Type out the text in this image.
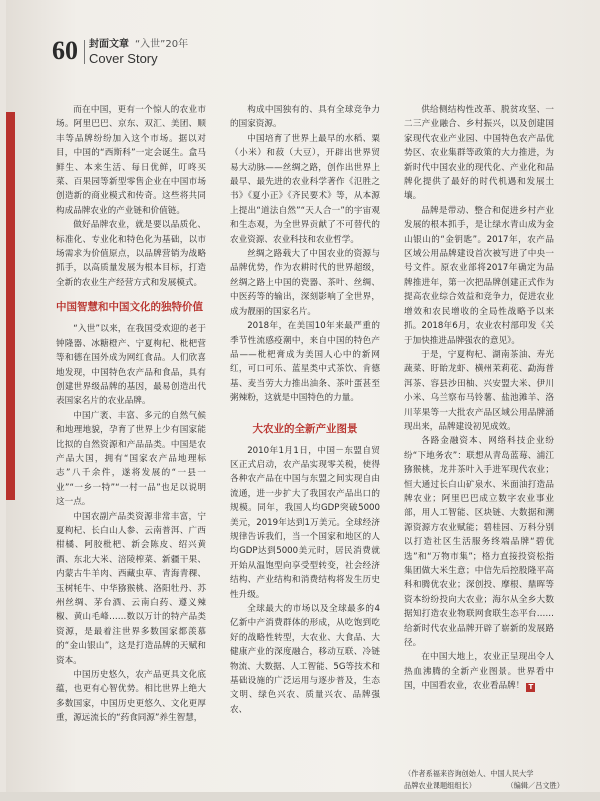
60 封面文章 “入世”20年
Cover Story

而在中国，更有一个惊人的农业市场。阿里巴巴、京东、双汇、美团、顺丰等品牌纷纷加入这个市场。据以对目，中国的“西斯科”一定会诞生。盒马鲜生、本来生活、每日优鲜，叮咚买菜、百果园等新型零售企业在中国市场创造新的商业模式和传奇。这些将共同构成品牌农业的产业链和价值链。

做好品牌农业，就是要以品质化、标准化、专业化和特色化为基础，以市场需求为价值原点，以品牌营销为战略抓手，以高质量发展为根本目标，打造全新的农业生产经营方式和发展模式。

中国智慧和中国文化的独特价值

“入世”以来，在我国受欢迎的老于钟隆器、冰糖橙产、宁夏枸杞、枇杷营等和德在国外成为网红食品。人们欣喜地发现，中国特色农产品和食品，具有创建世界级品牌的基因，最易创造出代表国家名片的农业品牌。

中国广袤、丰富、多元的自然气候和地理地貌，孕育了世界上少有国家能比拟的自然资源和产品品类。中国是农产品大国，拥有“国家农产品地理标志”八千余件，遂将发展的“一县一业”“一乡一特”“一村一品”也足以说明这一点。

中国农副产品类资源非常丰富，宁夏枸杞、长白山人参、云南普洱、广西柑橘、阿胶枇杷、新会陈皮、绍兴黄酒、东北大米、涪陵榨菜、新疆干果、内蒙古牛羊肉、西藏虫草、青海青稞、玉树牦牛、中华猕猴桃、洛阳牡丹、苏州丝绸、茅台酒、云南白药、遵义辣椒、黄山毛峰……数以万计的特产品类资源，是最着注世界多数国家都羡慕的“金山银山”，这是打造品牌的天赋和资本。

中国历史悠久，农产品更具文化底蕴，也更有心智优势。相比世界上绝大多数国家，中国历史更悠久、文化更厚重，源远流长的“药食同源”养生智慧，

构成中国独有的、具有全球竞争力的国家资源。

中国培育了世界上最早的水稻、粟（小米）和菽（大豆），开辟出世界贸易大动脉——丝绸之路，创作出世界上最早、最先进的农业科学著作《氾胜之书》《夏小正》《齐民要术》等，从本源上提出“道法自然”“天人合一”的宇宙观和生态观，为全世界贡献了不可替代的农业资源、农业科技和农业哲学。

丝绸之路载大了中国农业的资源与品牌优势，作为农耕时代的世界超级，丝绸之路上中国的瓷器、茶叶、丝绸、中医药等的输出，深刻影响了全世界，成为靓丽的国家名片。

2018年，在美国10年来最严重的季节性流感疫潮中，来自中国的特色产品——枇杷膏成为美国人心中的新网红，可口可乐、蓝星类中式茶饮、肯德基、麦当劳大力推出油条、茶叶蛋甚至粥辣粉，这就是中国特色的力量。

大农业的全新产业图景

2010年1月1日，中国－东盟自贸区正式启动，农产品实现零关税，使得各种农产品在中国与东盟之间实现自由流通，进一步扩大了我国农产品出口的规模。同年，我国人均GDP突破5000美元，2019年达到1万美元。全球经济规律告诉我们，当一个国家和地区的人均GDP达到5000美元时，居民消费就开始从温饱型向享受型转变，社会经济结构、产业结构和消费结构将发生历史性升级。

全球最大的市场以及全球最多的4亿新中产消费群体的形成，从吃饱到吃好的战略性转型，大农业、大食品、大健康产业的深度融合，移动互联、冷链物流、大数据、人工智能、5G等技术和基础设施的广泛运用与逐步普及，生态文明、绿色兴农、质量兴农、品牌强农、

供给侧结构性改革、脱贫攻坚、一二三产业融合、乡村振兴，以及创建国家现代农业产业园、中国特色农产品优势区、农业集群等政策的大力推进，为新时代中国农业的现代化、产业化和品牌化提供了最好的时代机遇和发展土壤。

品牌是带动、整合和促进乡村产业发展的根本抓手，是让绿水青山成为金山银山的“金钥匙”。2017年，农产品区域公用品牌建设首次被写进了中央一号文件。原农业部将2017年确定为品牌推进年，第一次把品牌创建正式作为提高农业综合效益和竞争力，促进农业增效和农民增收的全局性战略予以来抓。2018年6月，农业农村部印发《关于加快推进品牌强农的意见》。

于是，宁夏枸杞、湖南茶油、寿光蔬菜、盱眙龙虾、横州茉莉花、勐海普洱茶、容县沙田柚、兴安盟大米、伊川小米、乌兰察布马铃薯、盐池滩羊、洛川苹果等一大批农产品区域公用品牌涌现出来，品牌建设初见成效。

各路金融资本、网络科技企业纷纷“下地务农”：联想从青岛蓝莓、浦江猕猴桃，龙井茶叶入手进军现代农业；恒大通过长白山矿泉水、米面油打造品牌农业；阿里巴巴成立数字农业事业部，用人工智能、区块链、大数据和溯源资源方农业赋能；碧桂园、万科分别以打造社区生活服务终端品牌“碧优选”和“万物市集”；格力直接投资松指集团做大米生意；中信先后控股隆平高科和腾优农业；深创投、摩根、鼎晖等资本纷纷投向大农业；海尔从全乡大数据知打造农业物联网食联生态平台……给新时代农业品牌开辟了崭新的发展路径。

在中国大地上，农业正呈现出令人热血沸腾的全新产业图景。世界看中国，中国看农业，农业看品牌！ T

（作者系福来咨询创始人、中国人民大学
品牌农业课题组组长）	（编辑／吕文胜）
